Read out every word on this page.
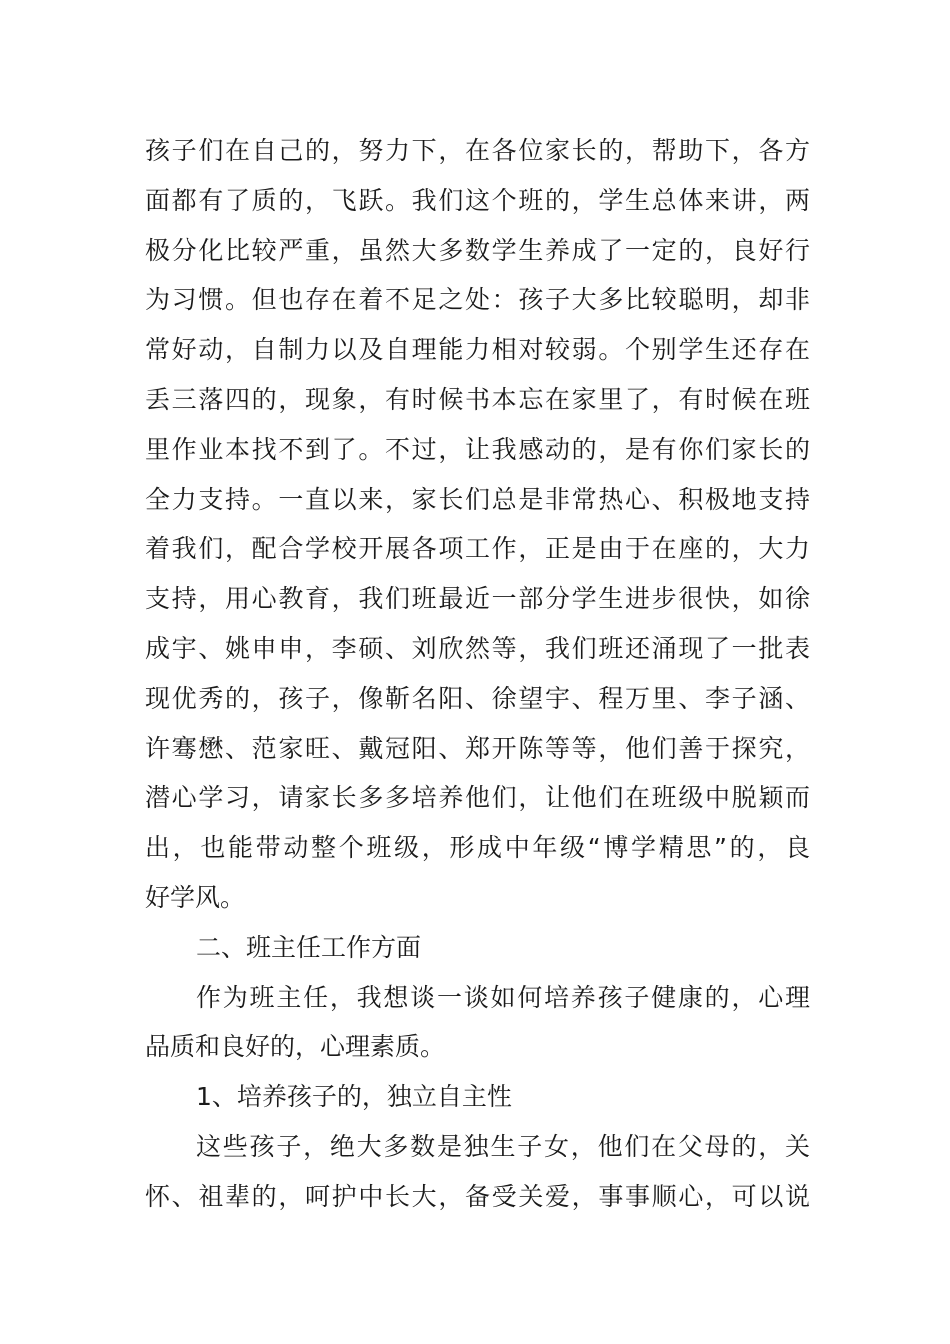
孩子们在自己的，努力下，在各位家长的，帮助下，各方
面都有了质的，飞跃。我们这个班的，学生总体来讲，两
极分化比较严重，虽然大多数学生养成了一定的，良好行
为习惯。但也存在着不足之处：孩子大多比较聪明，却非
常好动，自制力以及自理能力相对较弱。个别学生还存在
丢三落四的，现象，有时候书本忘在家里了，有时候在班
里作业本找不到了。不过，让我感动的，是有你们家长的
全力支持。一直以来，家长们总是非常热心、积极地支持
着我们，配合学校开展各项工作，正是由于在座的，大力
支持，用心教育，我们班最近一部分学生进步很快，如徐
成宇、姚申申，李硕、刘欣然等，我们班还涌现了一批表
现优秀的，孩子，像靳名阳、徐望宇、程万里、李子涵、
许骞懋、范家旺、戴冠阳、郑开陈等等，他们善于探究，
潜心学习，请家长多多培养他们，让他们在班级中脱颖而
出，也能带动整个班级，形成中年级“博学精思”的，良
好学风。
二、班主任工作方面
作为班主任，我想谈一谈如何培养孩子健康的，心理
品质和良好的，心理素质。
1、培养孩子的，独立自主性
这些孩子，绝大多数是独生子女，他们在父母的，关
怀、祖辈的，呵护中长大，备受关爱，事事顺心，可以说
